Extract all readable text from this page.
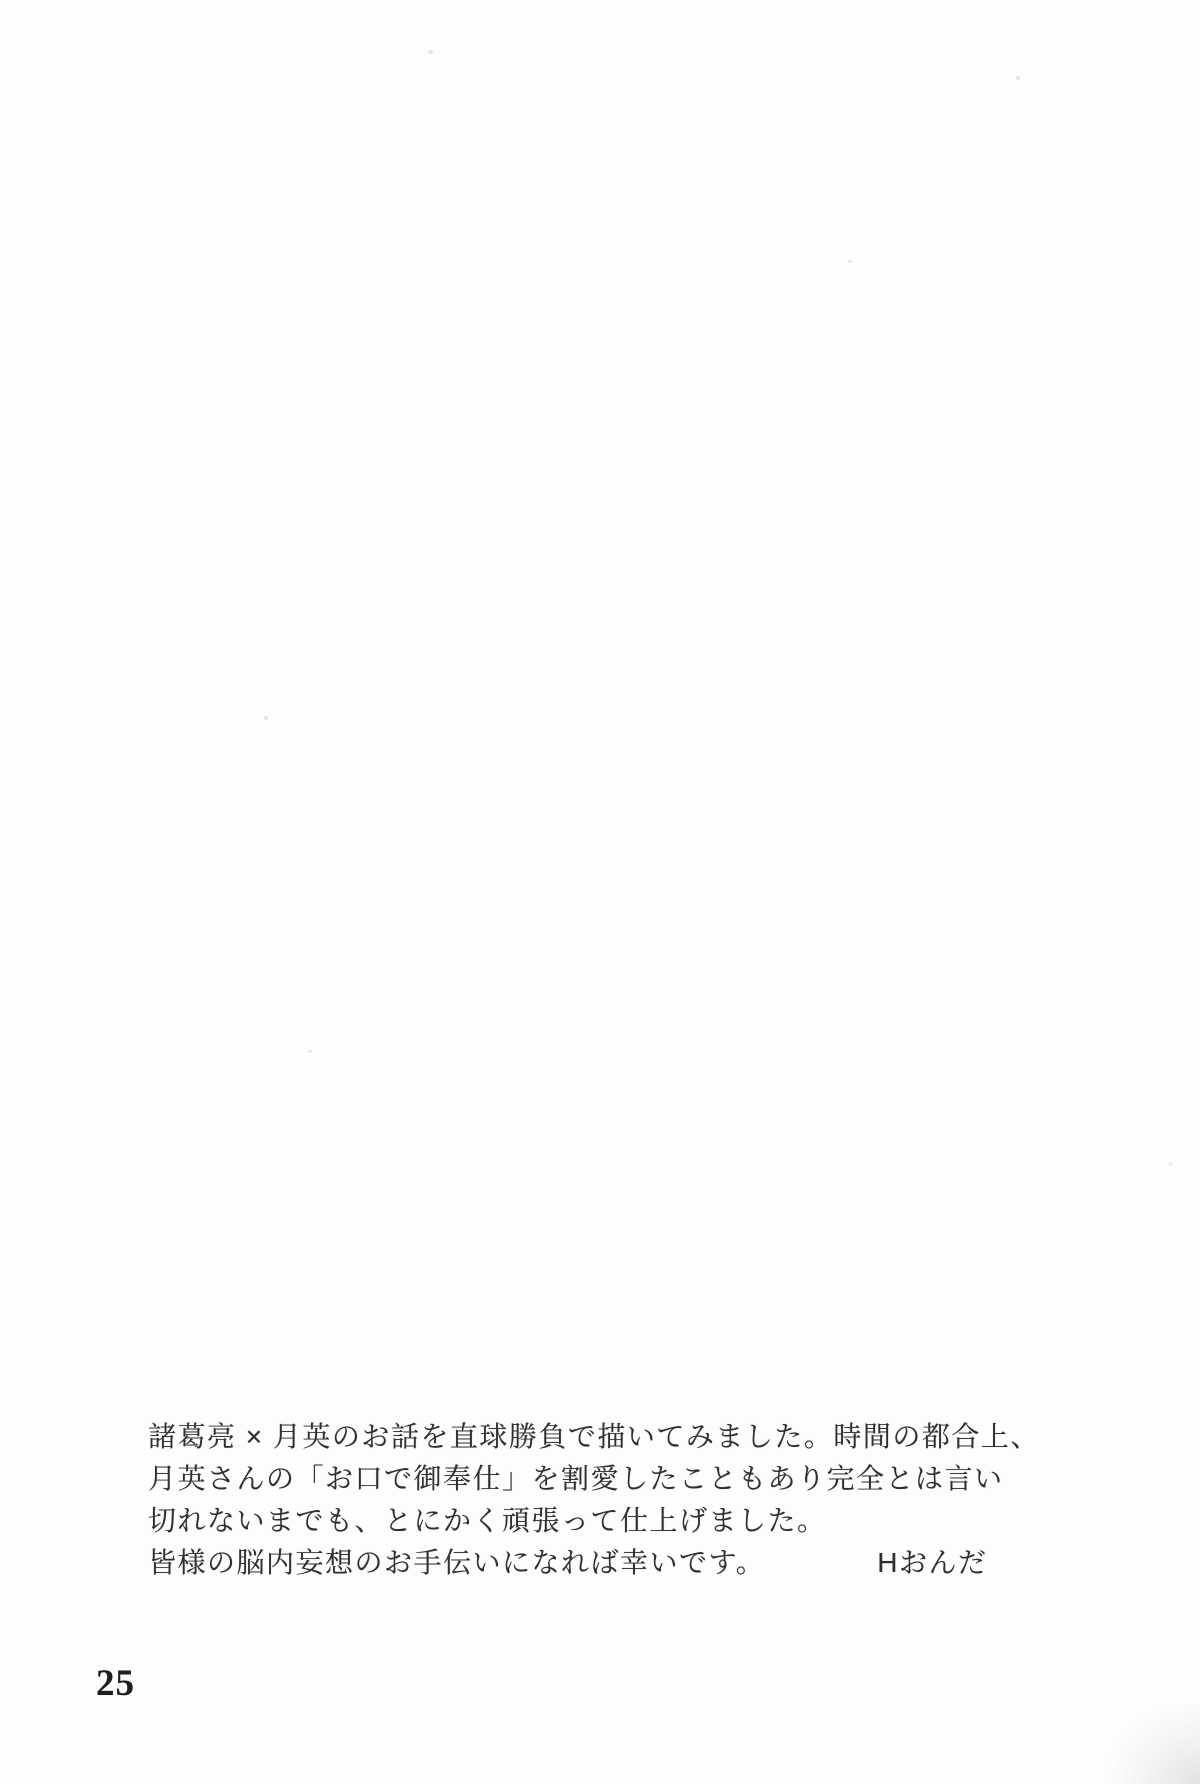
諸葛亮 × 月英のお話を直球勝負で描いてみました。時間の都合上、
月英さんの「お口で御奉仕」を割愛したこともあり完全とは言い
切れないまでも、とにかく頑張って仕上げました。
皆様の脳内妄想のお手伝いになれば幸いです。	Hおんだ
25
